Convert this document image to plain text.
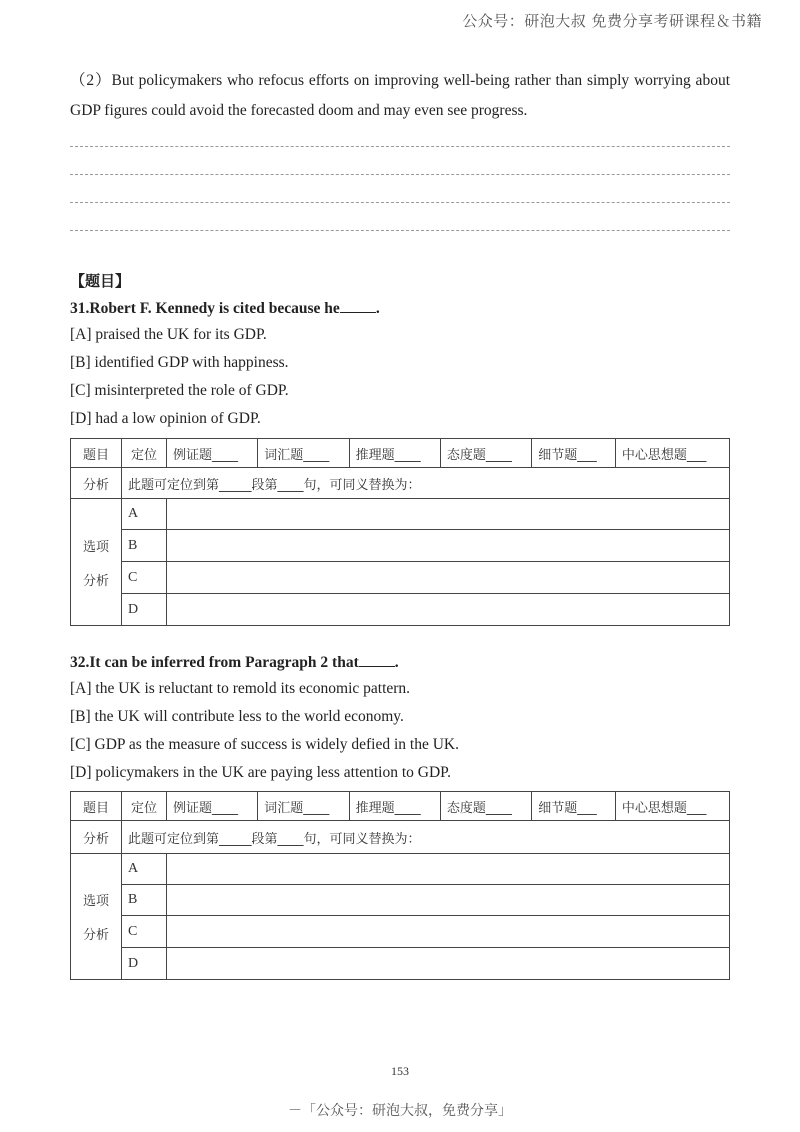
公众号：研泡大叔 免费分享考研课程＆书籍
（2）But policymakers who refocus efforts on improving well-being rather than simply worrying about GDP figures could avoid the forecasted doom and may even see progress.
【题目】
31.Robert F. Kennedy is cited because he .
[A] praised the UK for its GDP.
[B] identified GDP with happiness.
[C] misinterpreted the role of GDP.
[D] had a low opinion of GDP.
题目	定位	例证题____	词汇题____	推理题____	态度题____	细节题___	中心思想题___
分析	此题可定位到第_____段第____句，可同义替换为：						
选项

分析	A						
	B						
	C						
	D						
32.It can be inferred from Paragraph 2 that .
[A] the UK is reluctant to remold its economic pattern.
[B] the UK will contribute less to the world economy.
[C] GDP as the measure of success is widely defied in the UK.
[D] policymakers in the UK are paying less attention to GDP.
题目	定位	例证题____	词汇题____	推理题____	态度题____	细节题___	中心思想题___
分析	此题可定位到第_____段第____句，可同义替换为：						
选项

分析	A						
	B						
	C						
	D						
153
－「公众号：研泡大叔，免费分享」
